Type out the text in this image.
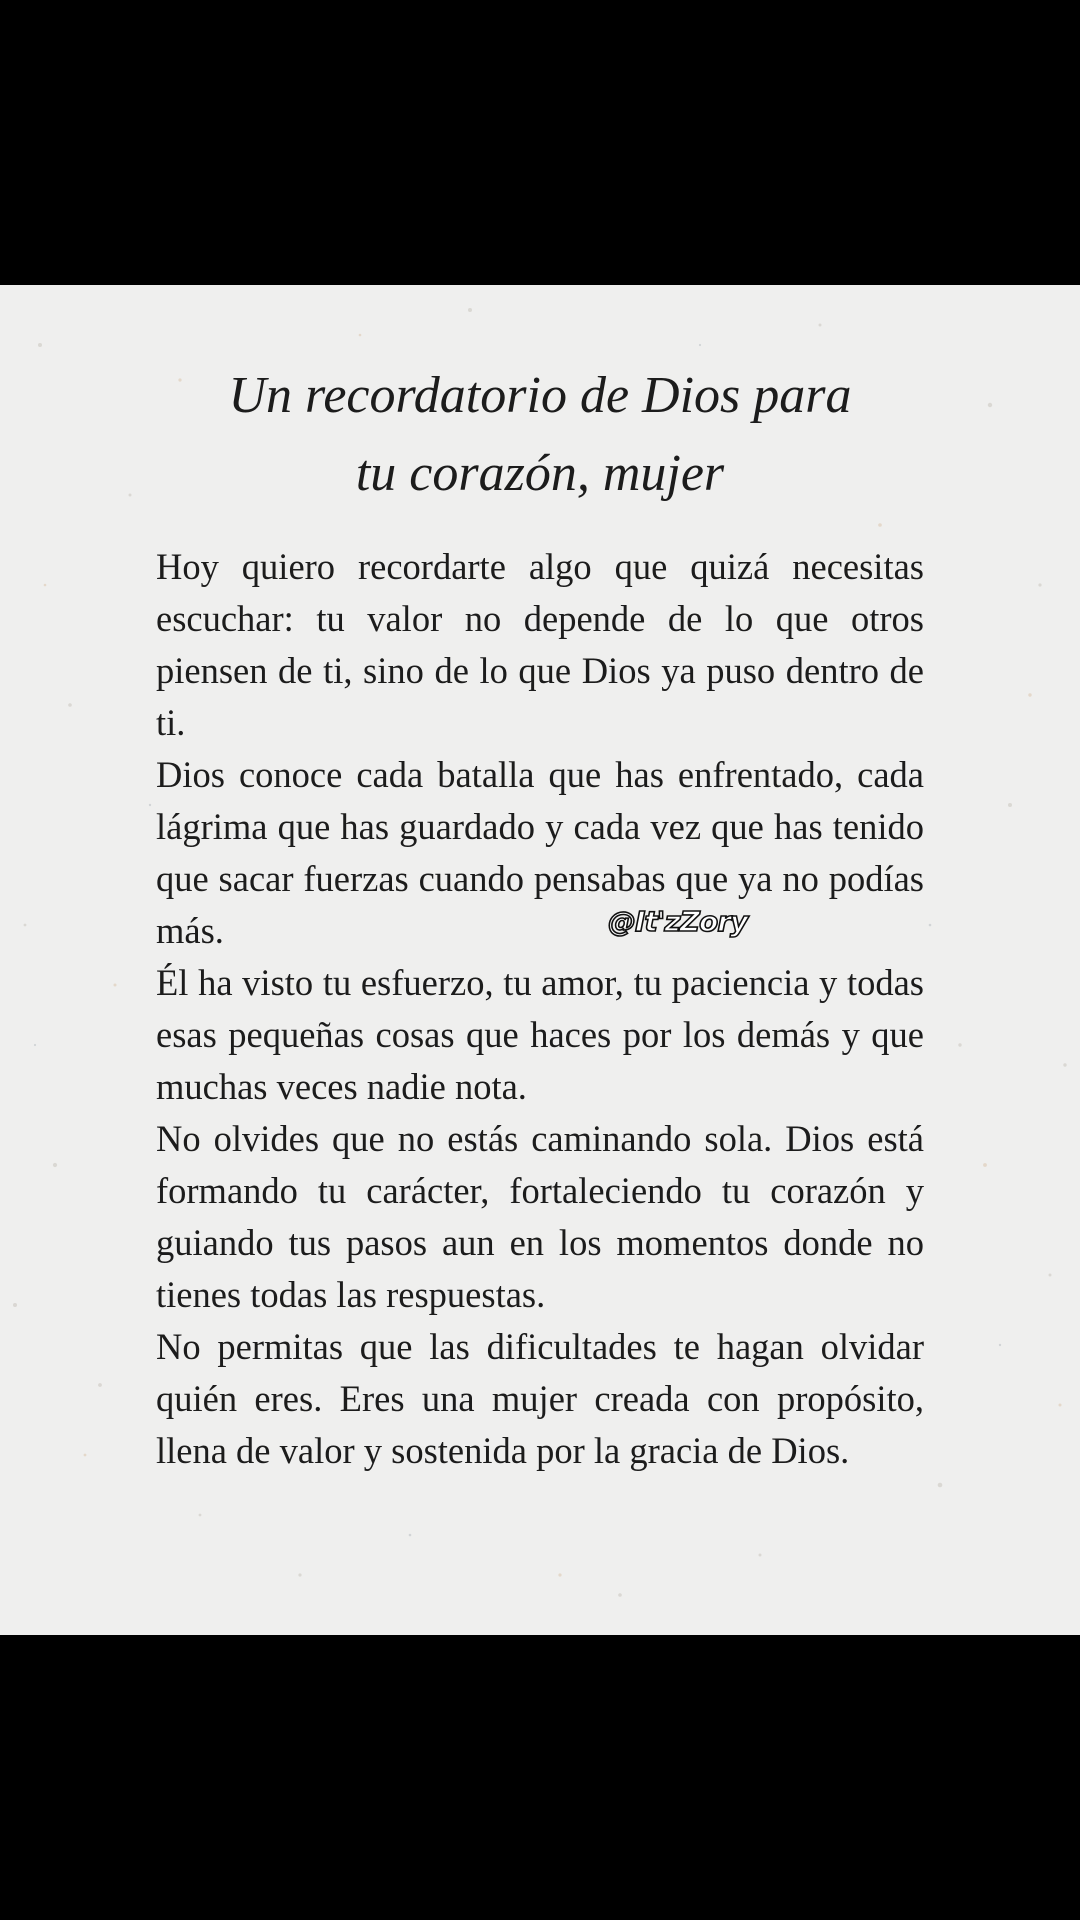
Un recordatorio de Dios para
tu corazón, mujer

Hoy quiero recordarte algo que quizá necesitas escuchar: tu valor no depende de lo que otros piensen de ti, sino de lo que Dios ya puso dentro de ti.

Dios conoce cada batalla que has enfrentado, cada lágrima que has guardado y cada vez que has tenido que sacar fuerzas cuando pensabas que ya no podías más.

Él ha visto tu esfuerzo, tu amor, tu paciencia y todas esas pequeñas cosas que haces por los demás y que muchas veces nadie nota.

No olvides que no estás caminando sola. Dios está formando tu carácter, fortaleciendo tu corazón y guiando tus pasos aun en los momentos donde no tienes todas las respuestas.

No permitas que las dificultades te hagan olvidar quién eres. Eres una mujer creada con propósito, llena de valor y sostenida por la gracia de Dios.

@It'zZory
